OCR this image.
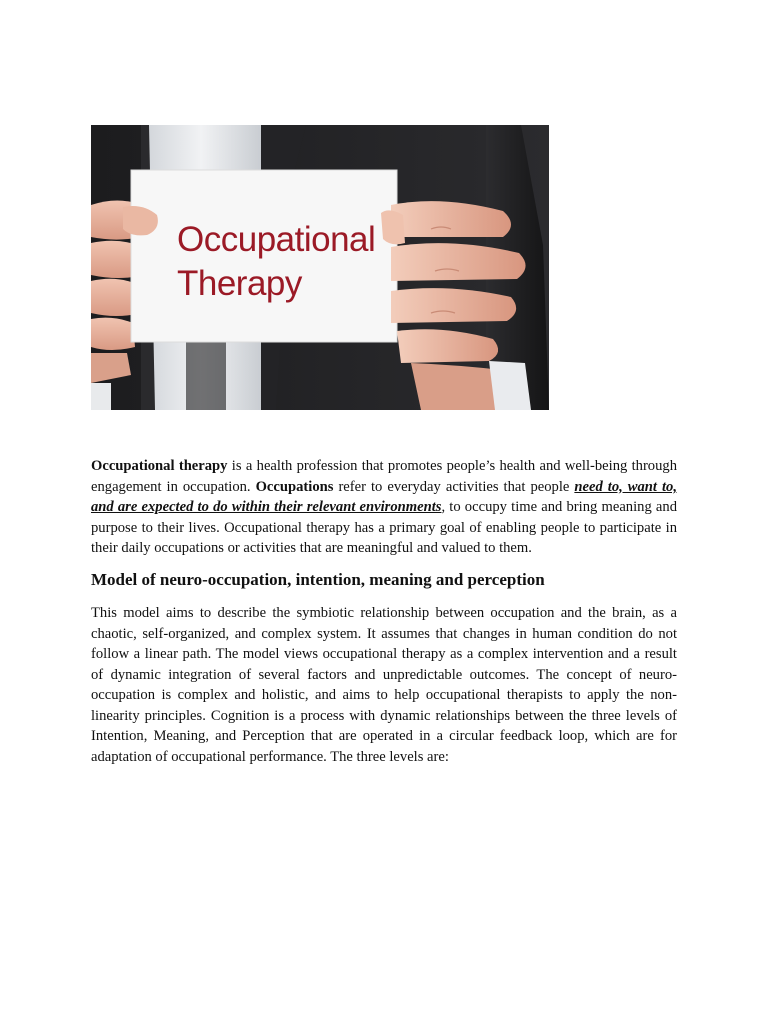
Occupational
Therapy

Occupational therapy is a health profession that promotes people’s health and well-being through engagement in occupation. Occupations refer to everyday activities that people need to, want to, and are expected to do within their relevant environments, to occupy time and bring meaning and purpose to their lives. Occupational therapy has a primary goal of enabling people to participate in their daily occupations or activities that are meaningful and valued to them.

Model of neuro-occupation, intention, meaning and perception

This model aims to describe the symbiotic relationship between occupation and the brain, as a chaotic, self-organized, and complex system. It assumes that changes in human condition do not follow a linear path. The model views occupational therapy as a complex intervention and a result of dynamic integration of several factors and unpredictable outcomes. The concept of neuro-occupation is complex and holistic, and aims to help occupational therapists to apply the non-linearity principles. Cognition is a process with dynamic relationships between the three levels of Intention, Meaning, and Perception that are operated in a circular feedback loop, which are for adaptation of occupational performance. The three levels are:
